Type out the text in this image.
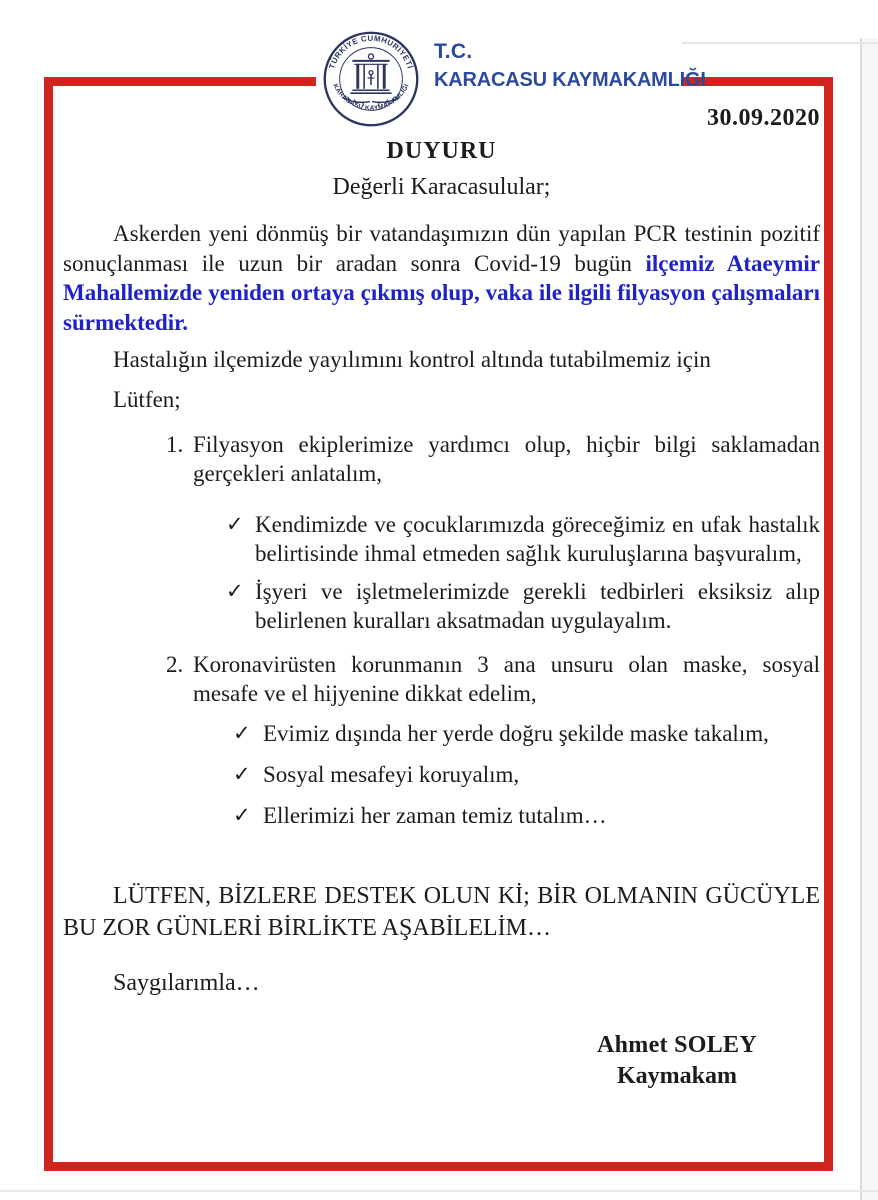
TÜRKİYE CUMHURİYETİ
KARACASU KAYMAKAMLIĞI
T.C.
KARACASU KAYMAKAMLIĞI
30.09.2020

DUYURU

Değerli Karacasulular;

Askerden yeni dönmüş bir vatandaşımızın dün yapılan PCR testinin pozitif sonuçlanması ile uzun bir aradan sonra Covid-19 bugün ilçemiz Ataeymir Mahallemizde yeniden ortaya çıkmış olup, vaka ile ilgili filyasyon çalışmaları sürmektedir.

Hastalığın ilçemizde yayılımını kontrol altında tutabilmemiz için

Lütfen;

1. Filyasyon ekiplerimize yardımcı olup, hiçbir bilgi saklamadan gerçekleri anlatalım,
✓ Kendimizde ve çocuklarımızda göreceğimiz en ufak hastalık belirtisinde ihmal etmeden sağlık kuruluşlarına başvuralım,
✓ İşyeri ve işletmelerimizde gerekli tedbirleri eksiksiz alıp belirlenen kuralları aksatmadan uygulayalım.
2. Koronavirüsten korunmanın 3 ana unsuru olan maske, sosyal mesafe ve el hijyenine dikkat edelim,
✓ Evimiz dışında her yerde doğru şekilde maske takalım,
✓ Sosyal mesafeyi koruyalım,
✓ Ellerimizi her zaman temiz tutalım…

LÜTFEN, BİZLERE DESTEK OLUN Kİ; BİR OLMANIN GÜCÜYLE BU ZOR GÜNLERİ BİRLİKTE AŞABİLELİM…

Saygılarımla…

Ahmet SOLEY
Kaymakam
